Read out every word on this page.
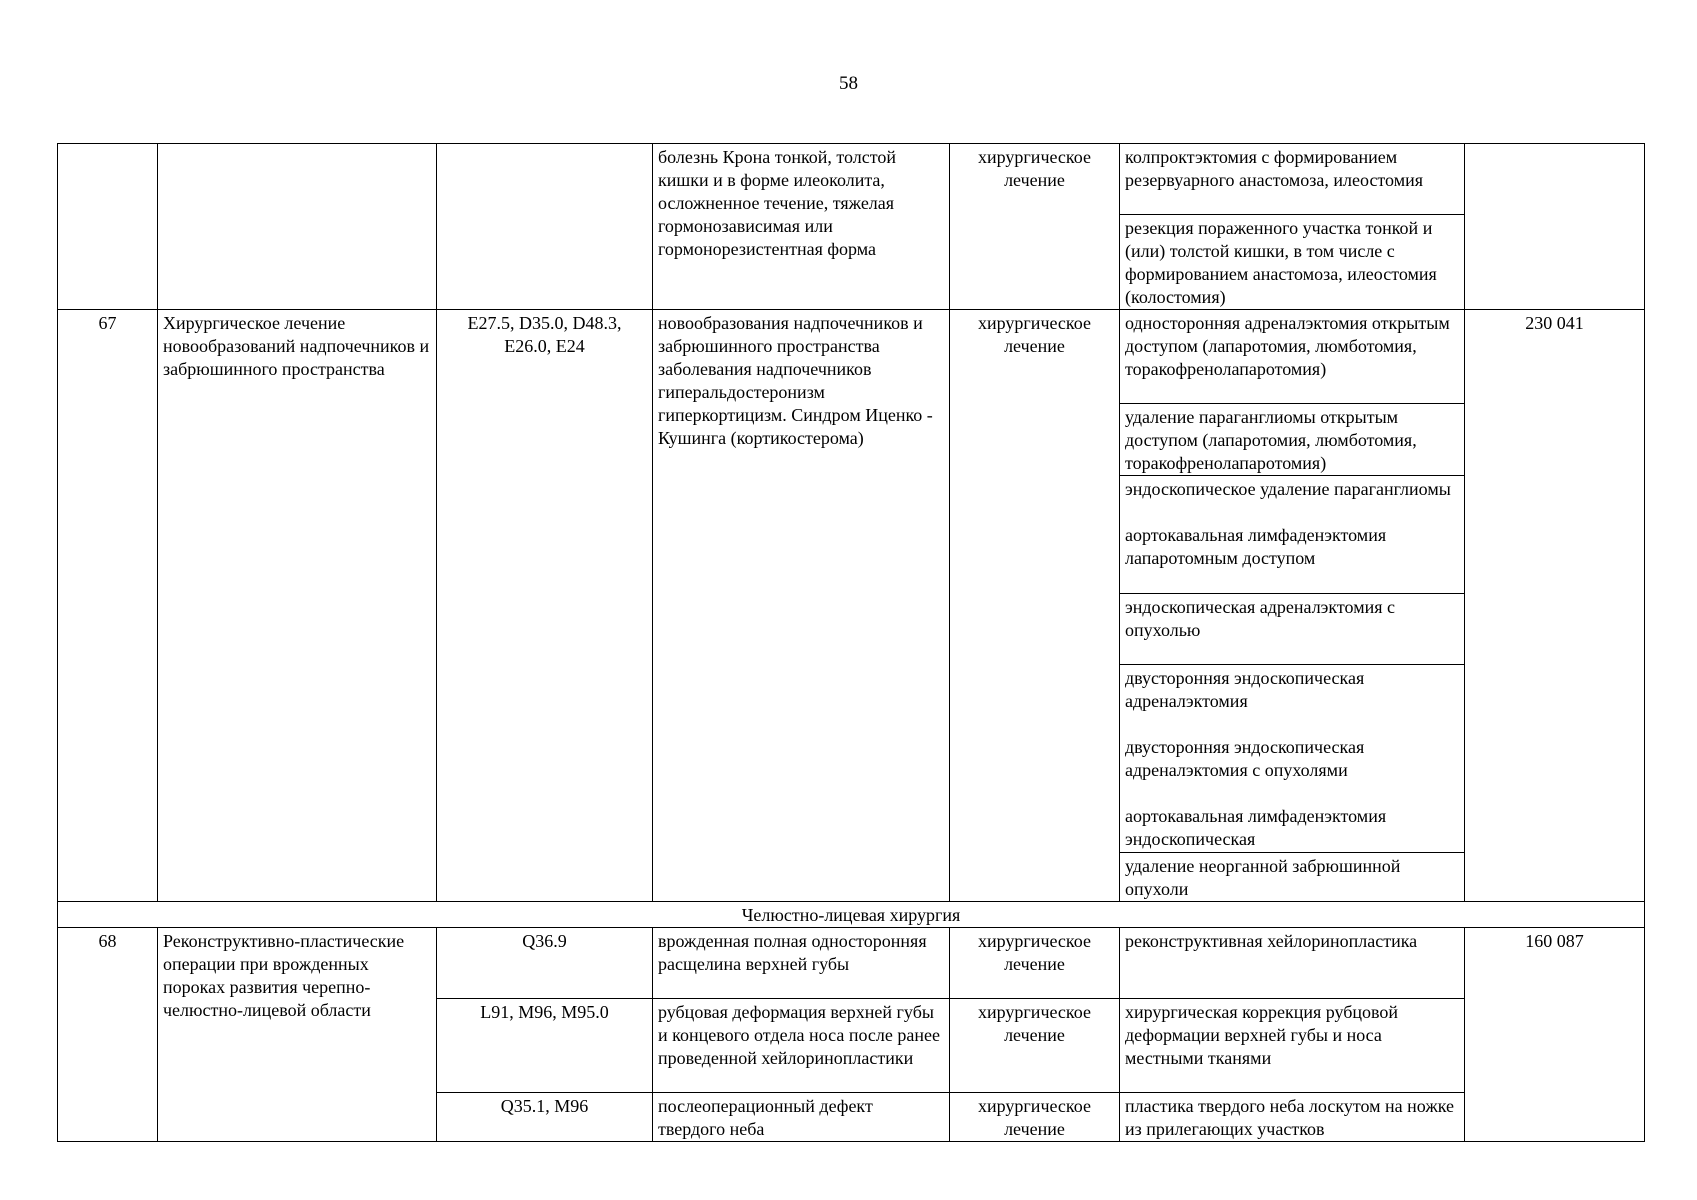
58
			болезнь Крона тонкой, толстой кишки и в форме илеоколита, осложненное течение, тяжелая гормонозависимая или гормонорезистентная форма	хирургическое лечение	колпроктэктомия с формированием резервуарного анастомоза, илеостомия	
					резекция пораженного участка тонкой и (или) толстой кишки, в том числе с формированием анастомоза, илеостомия (колостомия)	
67	Хирургическое лечение новообразований надпочечников и забрюшинного пространства	E27.5, D35.0, D48.3, E26.0, E24	новообразования надпочечников и забрюшинного пространства заболевания надпочечников гиперальдостеронизм гиперкортицизм. Синдром Иценко - Кушинга (кортикостерома)	хирургическое лечение	односторонняя адреналэктомия открытым доступом (лапаротомия, люмботомия, торакофренолапаротомия)	230 041
					удаление параганглиомы открытым доступом (лапаротомия, люмботомия, торакофренолапаротомия)	

					эндоскопическое удаление параганглиомы
аортокавальная лимфаденэктомия лапаротомным доступом	

					эндоскопическая адреналэктомия с опухолью	

					двусторонняя эндоскопическая адреналэктомия
двусторонняя эндоскопическая адреналэктомия с опухолями
аортокавальная лимфаденэктомия эндоскопическая	

					удаление неорганной забрюшинной опухоли	
Челюстно-лицевая хирургия						
68	Реконструктивно-пластические операции при врожденных пороках развития черепно-челюстно-лицевой области	Q36.9	врожденная полная односторонняя расщелина верхней губы	хирургическое лечение	реконструктивная хейлоринопластика	160 087
		L91, M96, M95.0	рубцовая деформация верхней губы и концевого отдела носа после ранее проведенной хейлоринопластики	хирургическое лечение	хирургическая коррекция рубцовой деформации верхней губы и носа местными тканями	
		Q35.1, M96	послеоперационный дефект твердого неба	хирургическое лечение	пластика твердого неба лоскутом на ножке из прилегающих участков	
